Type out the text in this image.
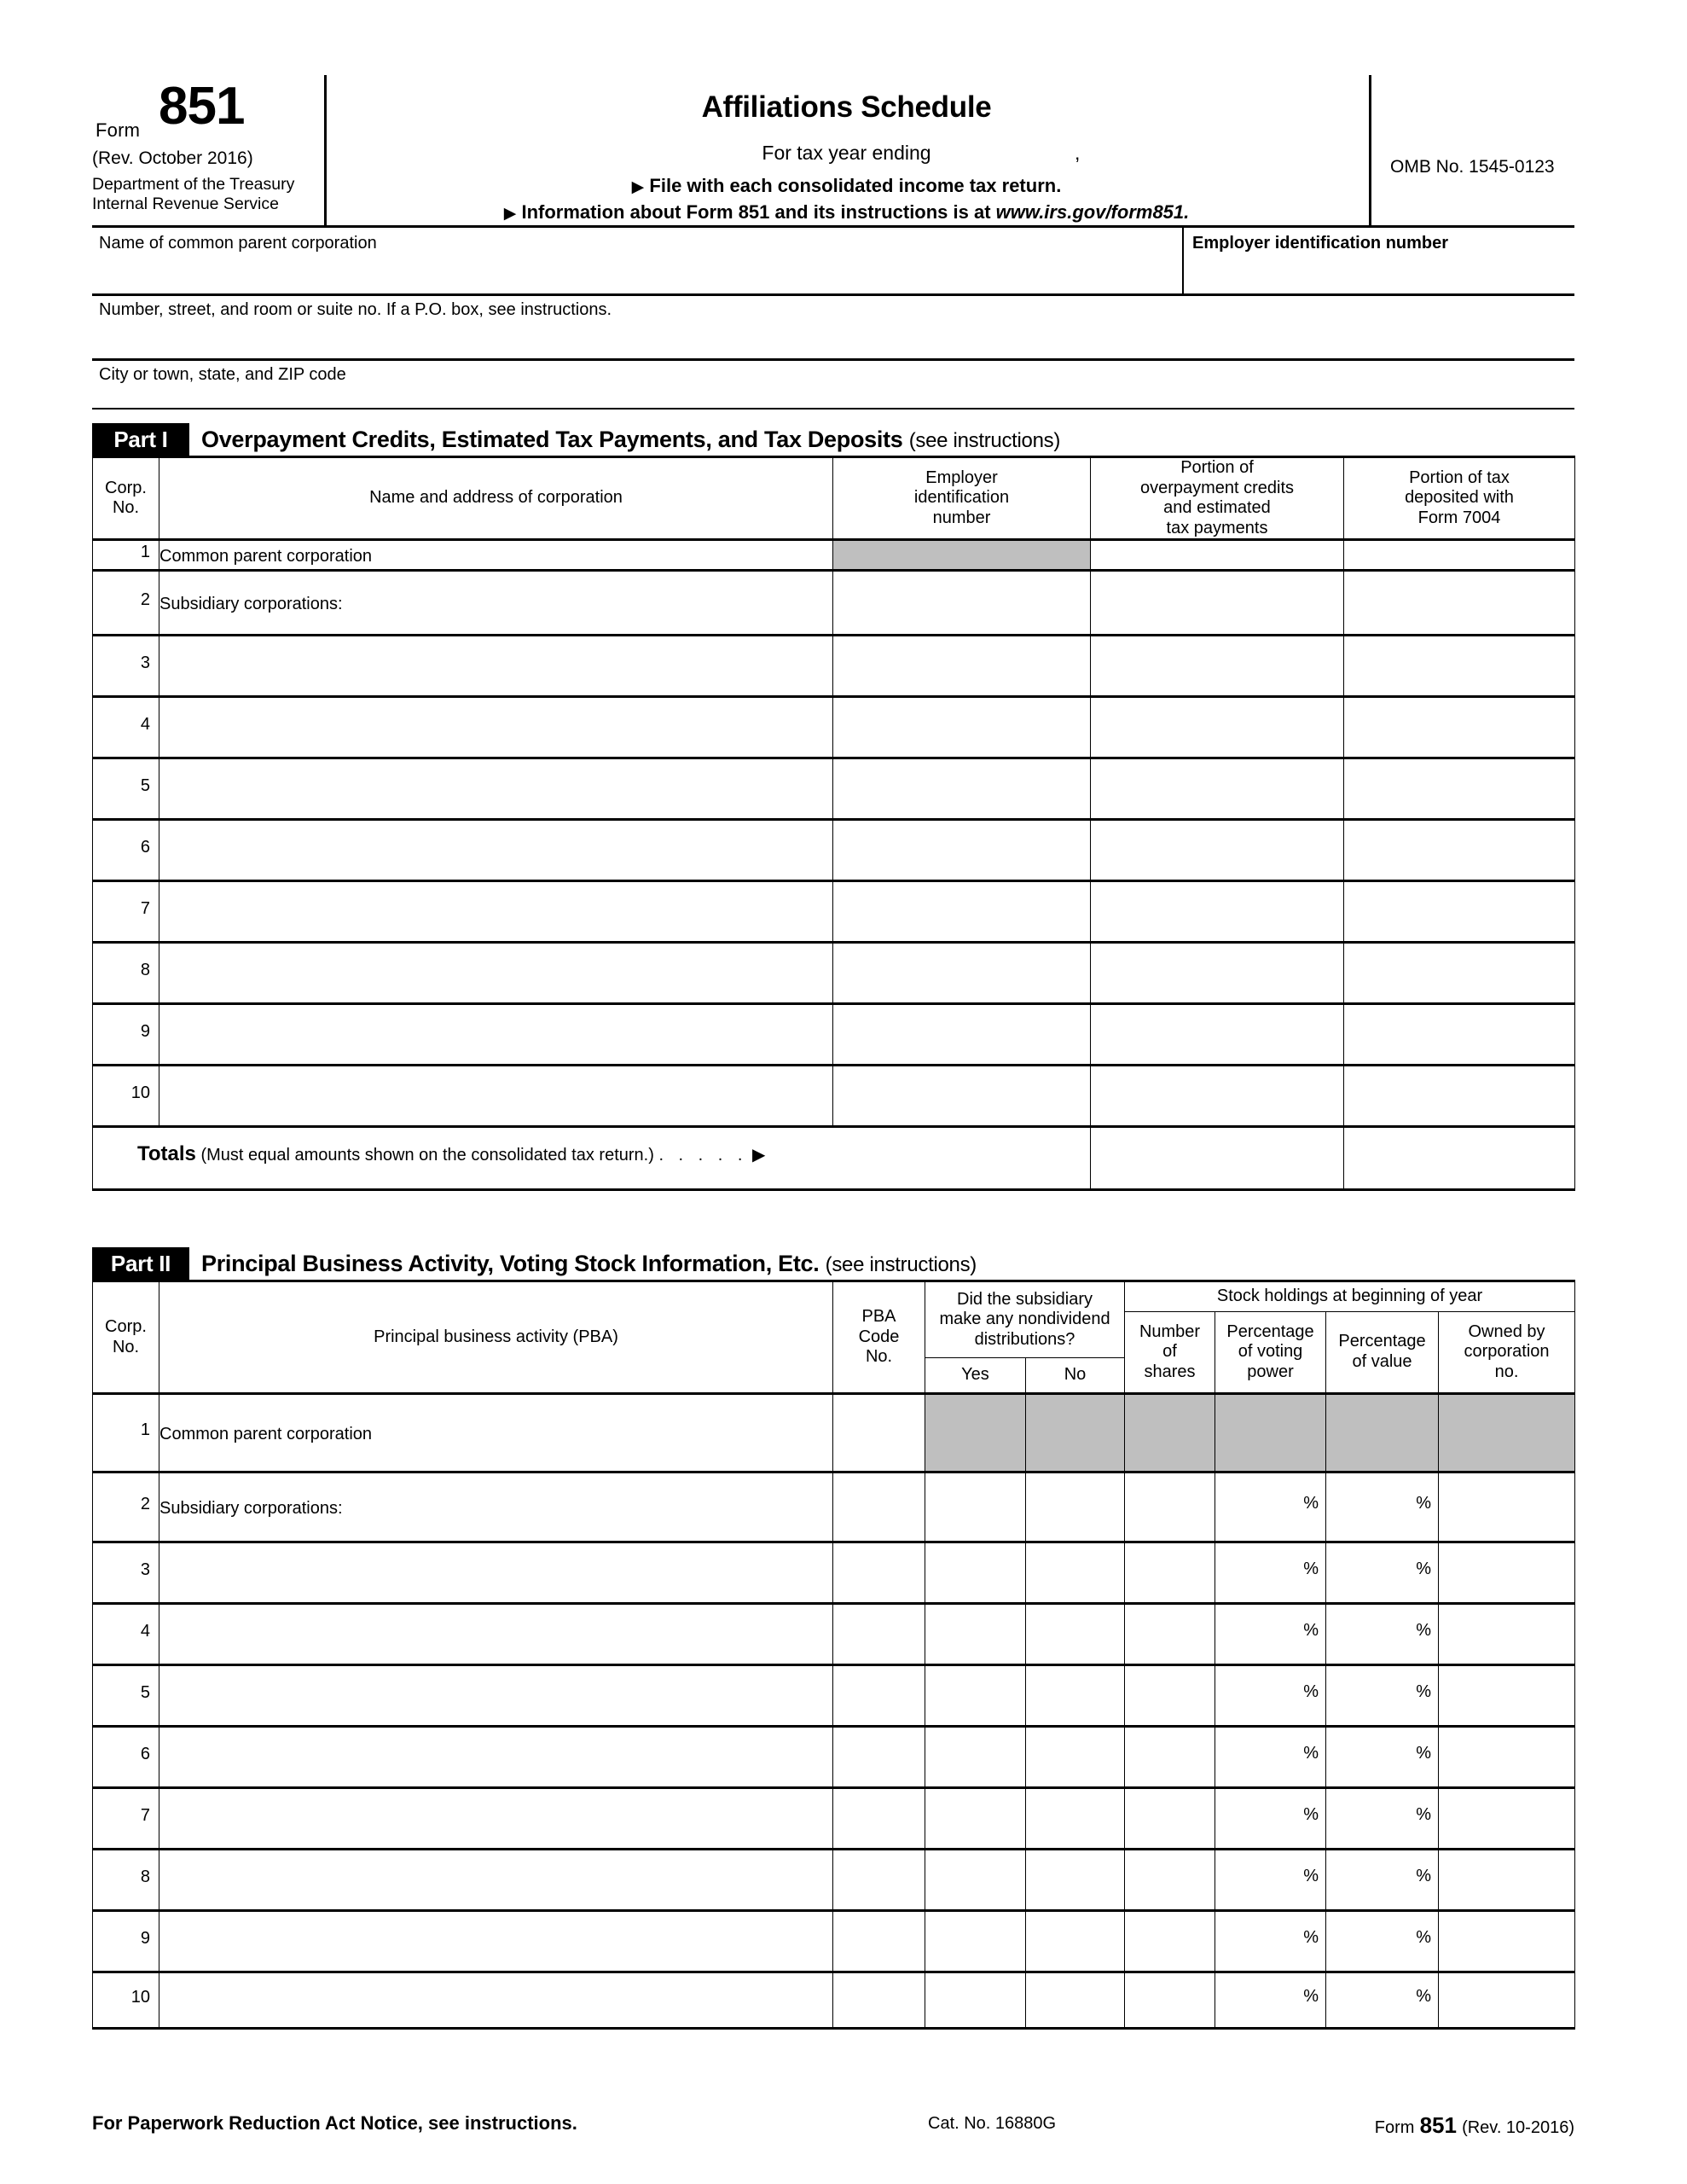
Form 851
(Rev. October 2016)
Department of the Treasury
Internal Revenue Service
Affiliations Schedule
For tax year ending	,
▶ File with each consolidated income tax return.
▶ Information about Form 851 and its instructions is at www.irs.gov/form851.
OMB No. 1545-0123
Name of common parent corporation	Employer identification number
Number, street, and room or suite no. If a P.O. box, see instructions.
City or town, state, and ZIP code
Part I	Overpayment Credits, Estimated Tax Payments, and Tax Deposits (see instructions)
Corp.
No.
	Name and address of corporation	
Employer
identification
number

Portion of
overpayment credits
and estimated
tax payments

Portion of tax
deposited with
Form 7004

1	Common parent corporation			
2	Subsidiary corporations:			
3				
4				
5				
6				
7				
8				
9				
10				
Totals (Must equal amounts shown on the consolidated tax return.) . . . . . ▶				
Part II	Principal Business Activity, Voting Stock Information, Etc. (see instructions)
Corp.
No.
	Principal business activity (PBA)	
PBA
Code
No.

Did the subsidiary
make any nondividend
distributions?
	Stock holdings at beginning of year

Number
of
shares

Percentage
of voting
power

Percentage
of value

Owned by
corporation
no.

			Yes	No				
1	Common parent corporation							
2	Subsidiary corporations:					%	%	
3						%	%	
4						%	%	
5						%	%	
6						%	%	
7						%	%	
8						%	%	
9						%	%	
10						%	%	
For Paperwork Reduction Act Notice, see instructions.	Cat. No. 16880G	Form 851 (Rev. 10-2016)
